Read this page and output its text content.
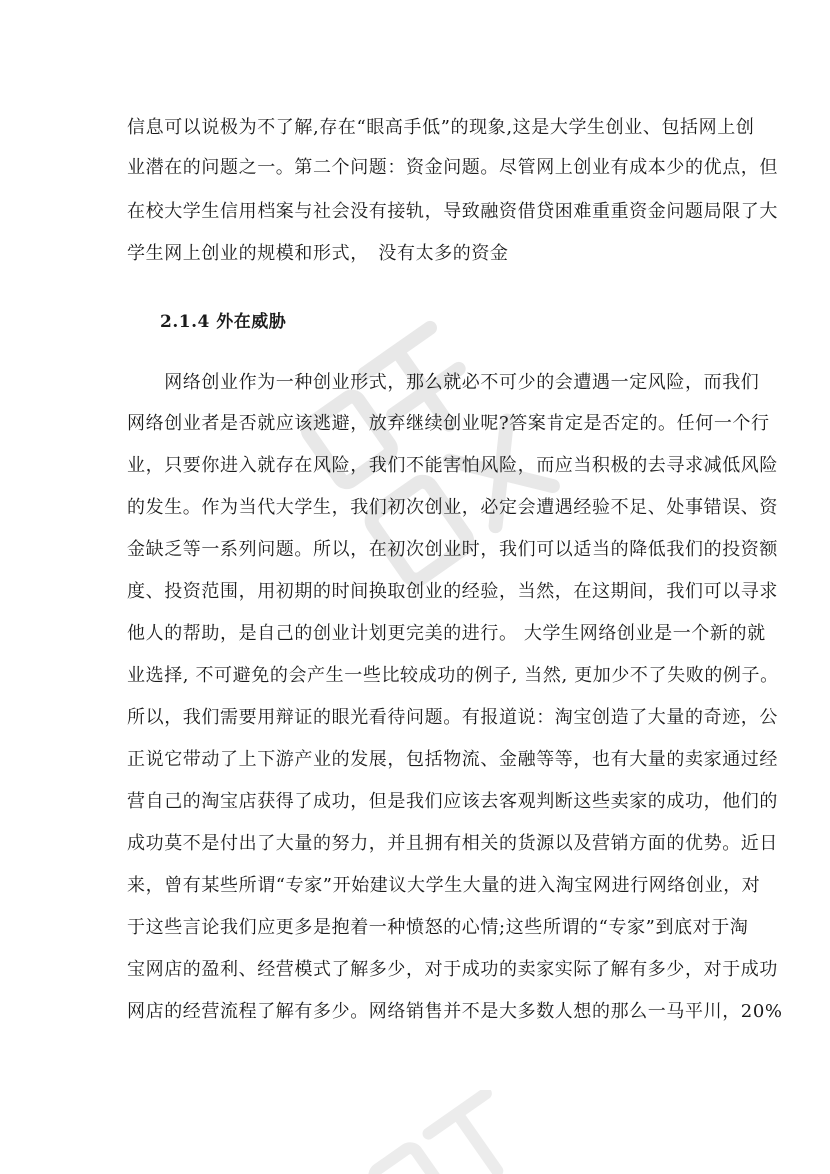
信息可以说极为不了解,存在“眼高手低”的现象,这是大学生创业、包括网上创
业潜在的问题之一。第二个问题：资金问题。尽管网上创业有成本少的优点，但
在校大学生信用档案与社会没有接轨，导致融资借贷困难重重资金问题局限了大
学生网上创业的规模和形式，　没有太多的资金
2.1.4 外在威胁
　　网络创业作为一种创业形式，那么就必不可少的会遭遇一定风险，而我们
网络创业者是否就应该逃避，放弃继续创业呢?答案肯定是否定的。任何一个行
业，只要你进入就存在风险，我们不能害怕风险，而应当积极的去寻求减低风险
的发生。作为当代大学生，我们初次创业，必定会遭遇经验不足、处事错误、资
金缺乏等一系列问题。所以，在初次创业时，我们可以适当的降低我们的投资额
度、投资范围，用初期的时间换取创业的经验，当然，在这期间，我们可以寻求
他人的帮助，是自己的创业计划更完美的进行。 大学生网络创业是一个新的就
业选择, 不可避免的会产生一些比较成功的例子, 当然, 更加少不了失败的例子。
所以，我们需要用辩证的眼光看待问题。有报道说：淘宝创造了大量的奇迹，公
正说它带动了上下游产业的发展，包括物流、金融等等，也有大量的卖家通过经
营自己的淘宝店获得了成功，但是我们应该去客观判断这些卖家的成功，他们的
成功莫不是付出了大量的努力，并且拥有相关的货源以及营销方面的优势。近日
来，曾有某些所谓“专家”开始建议大学生大量的进入淘宝网进行网络创业，对
于这些言论我们应更多是抱着一种愤怒的心情;这些所谓的“专家”到底对于淘
宝网店的盈利、经营模式了解多少，对于成功的卖家实际了解有多少，对于成功
网店的经营流程了解有多少。网络销售并不是大多数人想的那么一马平川，20%
